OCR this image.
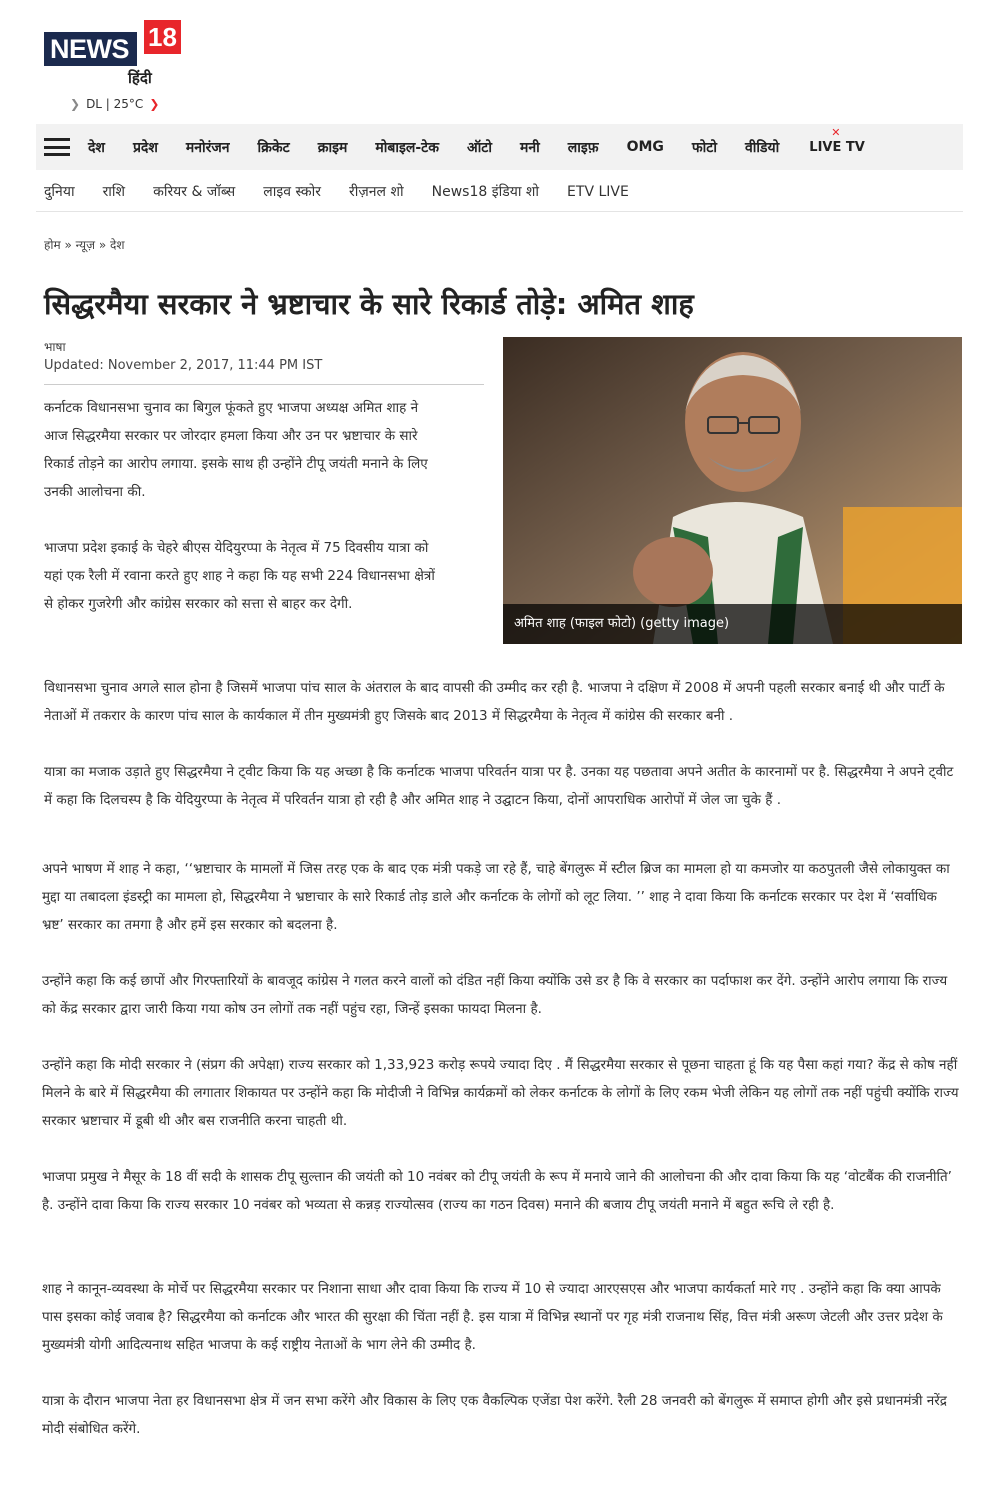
NEWS 18
हिंदी
❯ DL | 25°C ❯
देश प्रदेश मनोरंजन क्रिकेट क्राइम मोबाइल-टेक ऑटो मनी लाइफ़ OMG फोटो वीडियो
✕
LIVE TV
दुनिया राशि करियर & जॉब्स लाइव स्कोर रीज़नल शो News18 इंडिया शो ETV LIVE
होम » न्यूज़ » देश
सिद्धरमैया सरकार ने भ्रष्टाचार के सारे रिकार्ड तोड़े: अमित शाह
भाषा
Updated: November 2, 2017, 11:44 PM IST
अमित शाह (फाइल फोटो) (getty image)

कर्नाटक विधानसभा चुनाव का बिगुल फूंकते हुए भाजपा अध्यक्ष अमित शाह ने आज सिद्धरमैया सरकार पर जोरदार हमला किया और उन पर भ्रष्टाचार के सारे रिकार्ड तोड़ने का आरोप लगाया. इसके साथ ही उन्होंने टीपू जयंती मनाने के लिए उनकी आलोचना की.

भाजपा प्रदेश इकाई के चेहरे बीएस येदियुरप्पा के नेतृत्व में 75 दिवसीय यात्रा को यहां एक रैली में रवाना करते हुए शाह ने कहा कि यह सभी 224 विधानसभा क्षेत्रों से होकर गुजरेगी और कांग्रेस सरकार को सत्ता से बाहर कर देगी.

विधानसभा चुनाव अगले साल होना है जिसमें भाजपा पांच साल के अंतराल के बाद वापसी की उम्मीद कर रही है. भाजपा ने दक्षिण में 2008 में अपनी पहली सरकार बनाई थी और पार्टी के नेताओं में तकरार के कारण पांच साल के कार्यकाल में तीन मुख्यमंत्री हुए जिसके बाद 2013 में सिद्धरमैया के नेतृत्व में कांग्रेस की सरकार बनी .

यात्रा का मजाक उड़ाते हुए सिद्धरमैया ने ट्वीट किया कि यह अच्छा है कि कर्नाटक भाजपा परिवर्तन यात्रा पर है. उनका यह पछतावा अपने अतीत के कारनामों पर है. सिद्धरमैया ने अपने ट्वीट में कहा कि दिलचस्प है कि येदियुरप्पा के नेतृत्व में परिवर्तन यात्रा हो रही है और अमित शाह ने उद्घाटन किया, दोनों आपराधिक आरोपों में जेल जा चुके हैं .

अपने भाषण में शाह ने कहा, ‘‘भ्रष्टाचार के मामलों में जिस तरह एक के बाद एक मंत्री पकड़े जा रहे हैं, चाहे बेंगलुरू में स्टील ब्रिज का मामला हो या कमजोर या कठपुतली जैसे लोकायुक्त का मुद्दा या तबादला इंडस्ट्री का मामला हो, सिद्धरमैया ने भ्रष्टाचार के सारे रिकार्ड तोड़ डाले और कर्नाटक के लोगों को लूट लिया. ’’ शाह ने दावा किया कि कर्नाटक सरकार पर देश में ‘सर्वाधिक भ्रष्ट’ सरकार का तमगा है और हमें इस सरकार को बदलना है.

उन्होंने कहा कि कई छापों और गिरफ्तारियों के बावजूद कांग्रेस ने गलत करने वालों को दंडित नहीं किया क्योंकि उसे डर है कि वे सरकार का पर्दाफाश कर देंगे. उन्होंने आरोप लगाया कि राज्य को केंद्र सरकार द्वारा जारी किया गया कोष उन लोगों तक नहीं पहुंच रहा, जिन्हें इसका फायदा मिलना है.

उन्होंने कहा कि मोदी सरकार ने (संप्रग की अपेक्षा) राज्य सरकार को 1,33,923 करोड़ रूपये ज्यादा दिए . मैं सिद्धरमैया सरकार से पूछना चाहता हूं कि यह पैसा कहां गया? केंद्र से कोष नहीं मिलने के बारे में सिद्धरमैया की लगातार शिकायत पर उन्होंने कहा कि मोदीजी ने विभिन्न कार्यक्रमों को लेकर कर्नाटक के लोगों के लिए रकम भेजी लेकिन यह लोगों तक नहीं पहुंची क्योंकि राज्य सरकार भ्रष्टाचार में डूबी थी और बस राजनीति करना चाहती थी.

भाजपा प्रमुख ने मैसूर के 18 वीं सदी के शासक टीपू सुल्तान की जयंती को 10 नवंबर को टीपू जयंती के रूप में मनाये जाने की आलोचना की और दावा किया कि यह ‘वोटबैंक की राजनीति’ है. उन्होंने दावा किया कि राज्य सरकार 10 नवंबर को भव्यता से कन्नड़ राज्योत्सव (राज्य का गठन दिवस) मनाने की बजाय टीपू जयंती मनाने में बहुत रूचि ले रही है.

शाह ने कानून-व्यवस्था के मोर्चे पर सिद्धरमैया सरकार पर निशाना साधा और दावा किया कि राज्य में 10 से ज्यादा आरएसएस और भाजपा कार्यकर्ता मारे गए . उन्होंने कहा कि क्या आपके पास इसका कोई जवाब है? सिद्धरमैया को कर्नाटक और भारत की सुरक्षा की चिंता नहीं है. इस यात्रा में विभिन्न स्थानों पर गृह मंत्री राजनाथ सिंह, वित्त मंत्री अरूण जेटली और उत्तर प्रदेश के मुख्यमंत्री योगी आदित्यनाथ सहित भाजपा के कई राष्ट्रीय नेताओं के भाग लेने की उम्मीद है.

यात्रा के दौरान भाजपा नेता हर विधानसभा क्षेत्र में जन सभा करेंगे और विकास के लिए एक वैकल्पिक एजेंडा पेश करेंगे. रैली 28 जनवरी को बेंगलुरू में समाप्त होगी और इसे प्रधानमंत्री नरेंद्र मोदी संबोधित करेंगे.
